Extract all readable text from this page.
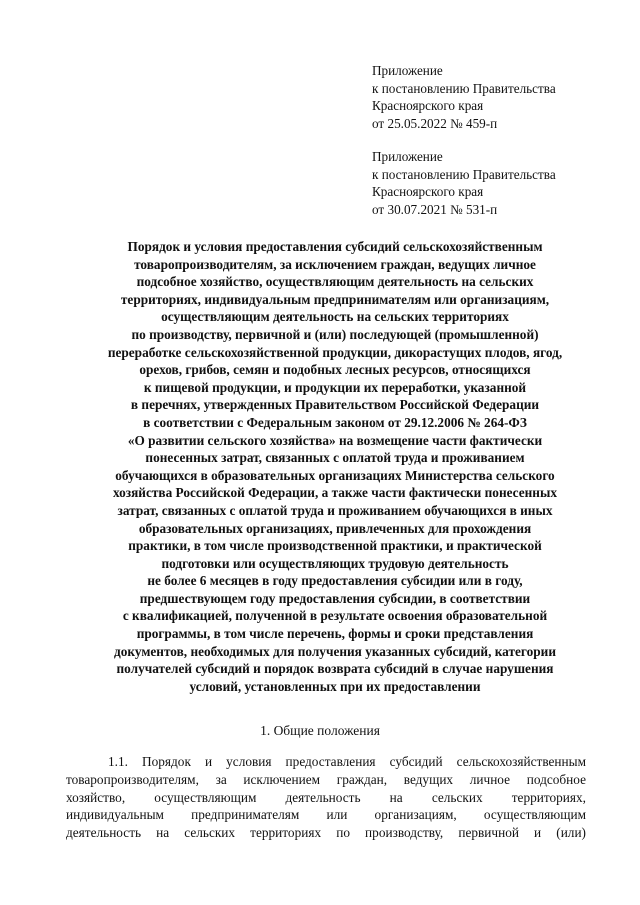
Приложение
к постановлению Правительства
Красноярского края
от 25.05.2022 № 459-п
Приложение
к постановлению Правительства
Красноярского края
от 30.07.2021 № 531-п
Порядок и условия предоставления субсидий сельскохозяйственным
товаропроизводителям, за исключением граждан, ведущих личное
подсобное хозяйство, осуществляющим деятельность на сельских
территориях, индивидуальным предпринимателям или организациям,
осуществляющим деятельность на сельских территориях
по производству, первичной и (или) последующей (промышленной)
переработке сельскохозяйственной продукции, дикорастущих плодов, ягод,
орехов, грибов, семян и подобных лесных ресурсов, относящихся
к пищевой продукции, и продукции их переработки, указанной
в перечнях, утвержденных Правительством Российской Федерации
в соответствии с Федеральным законом от 29.12.2006 № 264-ФЗ
«О развитии сельского хозяйства» на возмещение части фактически
понесенных затрат, связанных с оплатой труда и проживанием
обучающихся в образовательных организациях Министерства сельского
хозяйства Российской Федерации, а также части фактически понесенных
затрат, связанных с оплатой труда и проживанием обучающихся в иных
образовательных организациях, привлеченных для прохождения
практики, в том числе производственной практики, и практической
подготовки или осуществляющих трудовую деятельность
не более 6 месяцев в году предоставления субсидии или в году,
предшествующем году предоставления субсидии, в соответствии
с квалификацией, полученной в результате освоения образовательной
программы, в том числе перечень, формы и сроки представления
документов, необходимых для получения указанных субсидий, категории
получателей субсидий и порядок возврата субсидий в случае нарушения
условий, установленных при их предоставлении
1. Общие положения
1.1. Порядок и условия предоставления субсидий сельскохозяйственным
товаропроизводителям, за исключением граждан, ведущих личное подсобное
хозяйство, осуществляющим деятельность на сельских территориях,
индивидуальным предпринимателям или организациям, осуществляющим
деятельность на сельских территориях по производству, первичной и (или)
